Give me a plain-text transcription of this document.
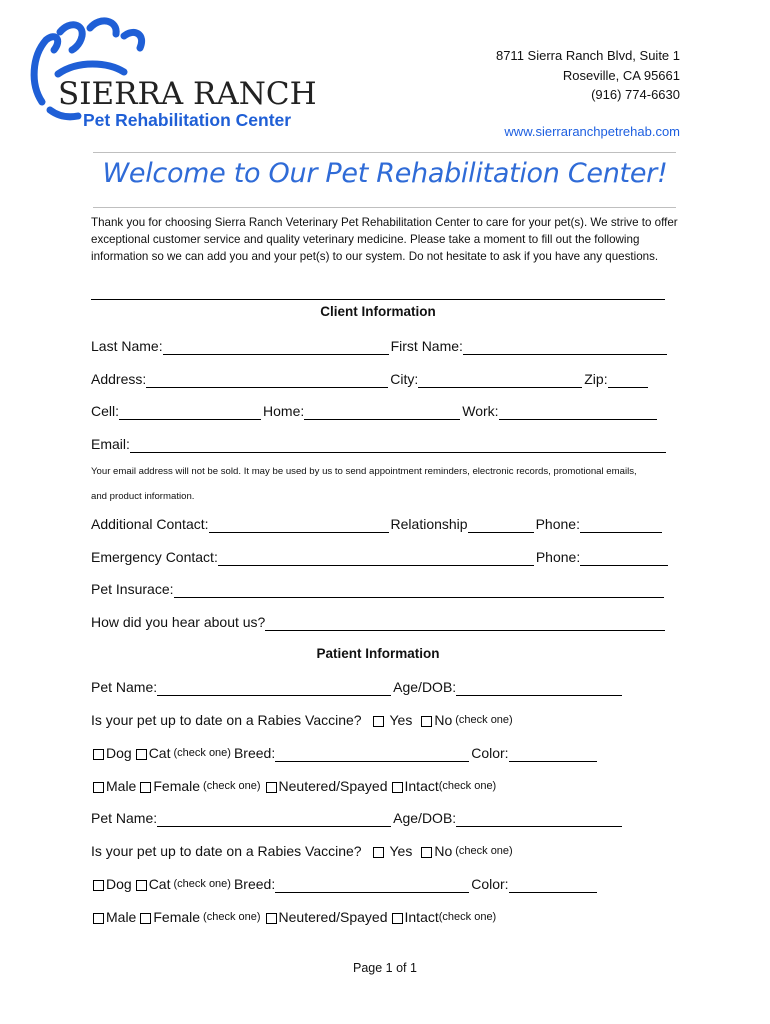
SIERRA RANCH
Pet Rehabilitation Center
8711 Sierra Ranch Blvd, Suite 1
Roseville, CA 95661
(916) 774-6630
www.sierraranchpetrehab.com
Welcome to Our Pet Rehabilitation Center!
Thank you for choosing Sierra Ranch Veterinary Pet Rehabilitation Center to care for your pet(s). We strive to offer exceptional customer service and quality veterinary medicine. Please take a moment to fill out the following information so we can add you and your pet(s) to our system. Do not hesitate to ask if you have any questions.
Client Information
Last Name:	First Name:
Address:	City:	Zip:
Cell:	Home:	Work:
Email:
Your email address will not be sold. It may be used by us to send appointment reminders, electronic records, promotional emails,
and product information.
Additional Contact:	Relationship	Phone:
Emergency Contact:	Phone:
Pet Insurace:
How did you hear about us?
Patient Information
Pet Name:	Age/DOB:
Is your pet up to date on a Rabies Vaccine?
Yes No (check one)
Dog Cat (check one) Breed:	Color:
Male Female (check one) Neutered/Spayed Intact (check one)
Pet Name:	Age/DOB:
Is your pet up to date on a Rabies Vaccine?
Yes No (check one)
Dog Cat (check one) Breed:	Color:
Male Female (check one) Neutered/Spayed Intact (check one)
Page 1 of 1
